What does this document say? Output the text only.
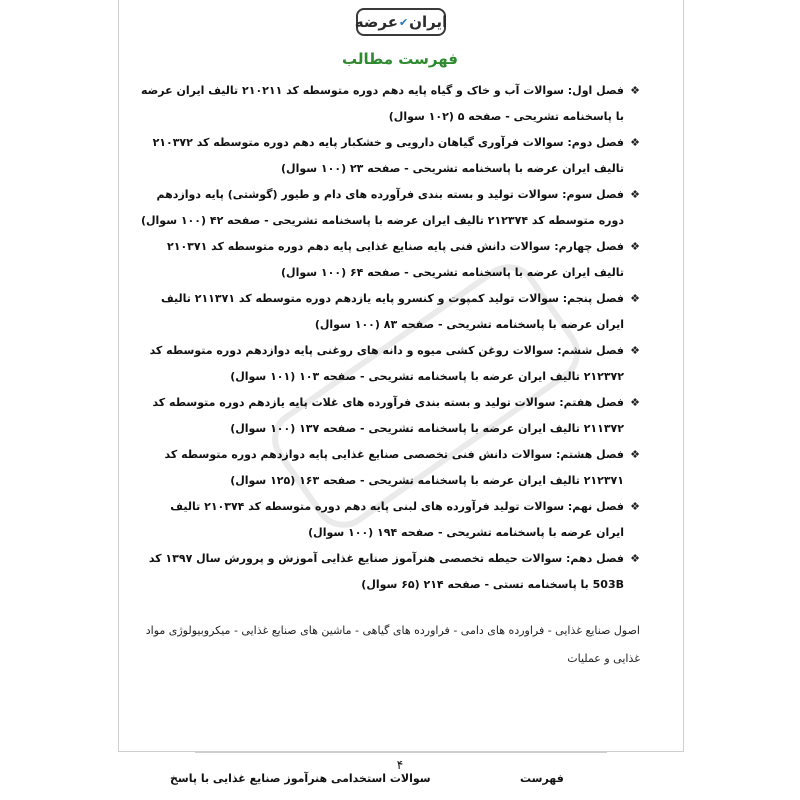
ایران
✔
عرضه
فهرست مطالب
❖
فصل اول: سوالات آب و خاک و گیاه پایه دهم دوره متوسطه کد ۲۱۰۲۱۱ تالیف ایران عرضه با پاسخنامه تشریحی - صفحه ۵ (۱۰۲ سوال)
❖
فصل دوم: سوالات فرآوری گیاهان دارویی و خشکبار پایه دهم دوره متوسطه کد ۲۱۰۳۷۲ تالیف ایران عرضه با پاسخنامه تشریحی - صفحه ۲۳ (۱۰۰ سوال)
❖
فصل سوم: سوالات تولید و بسته بندی فرآورده های دام و طیور (گوشتی) پایه دوازدهم دوره متوسطه کد ۲۱۲۳۷۴ تالیف ایران عرضه با پاسخنامه تشریحی - صفحه ۴۲ (۱۰۰ سوال)
❖
فصل چهارم: سوالات دانش فنی پایه صنایع غذایی پایه دهم دوره متوسطه کد ۲۱۰۳۷۱ تالیف ایران عرضه با پاسخنامه تشریحی - صفحه ۶۴ (۱۰۰ سوال)
❖
فصل پنجم: سوالات تولید کمپوت و کنسرو پایه یازدهم دوره متوسطه کد ۲۱۱۳۷۱ تالیف ایران عرضه با پاسخنامه تشریحی - صفحه ۸۳ (۱۰۰ سوال)
❖
فصل ششم: سوالات روغن کشی میوه و دانه های روغنی پایه دوازدهم دوره متوسطه کد ۲۱۲۳۷۲ تالیف ایران عرضه با پاسخنامه تشریحی - صفحه ۱۰۳ (۱۰۱ سوال)
❖
فصل هفتم: سوالات تولید و بسته بندی فرآورده های غلات پایه یازدهم دوره متوسطه کد ۲۱۱۳۷۲ تالیف ایران عرضه با پاسخنامه تشریحی - صفحه ۱۳۷ (۱۰۰ سوال)
❖
فصل هشتم: سوالات دانش فنی تخصصی صنایع غذایی پایه دوازدهم دوره متوسطه کد ۲۱۲۳۷۱ تالیف ایران عرضه با پاسخنامه تشریحی - صفحه ۱۶۳ (۱۲۵ سوال)
❖
فصل نهم: سوالات تولید فرآورده های لبنی پایه دهم دوره متوسطه کد ۲۱۰۳۷۴ تالیف ایران عرضه با پاسخنامه تشریحی - صفحه ۱۹۴ (۱۰۰ سوال)
❖
فصل دهم: سوالات حیطه تخصصی هنرآموز صنایع غذایی آموزش و پرورش سال ۱۳۹۷ کد 503B با پاسخنامه تستی - صفحه ۲۱۴ (۶۵ سوال)
اصول صنایع غذایی - فراورده های دامی - فراورده های گیاهی - ماشین های صنایع غذایی - میکروبیولوژی مواد غذایی و عملیات
۴
سوالات استخدامی هنرآموز صنایع غذایی با پاسخ	فهرست
